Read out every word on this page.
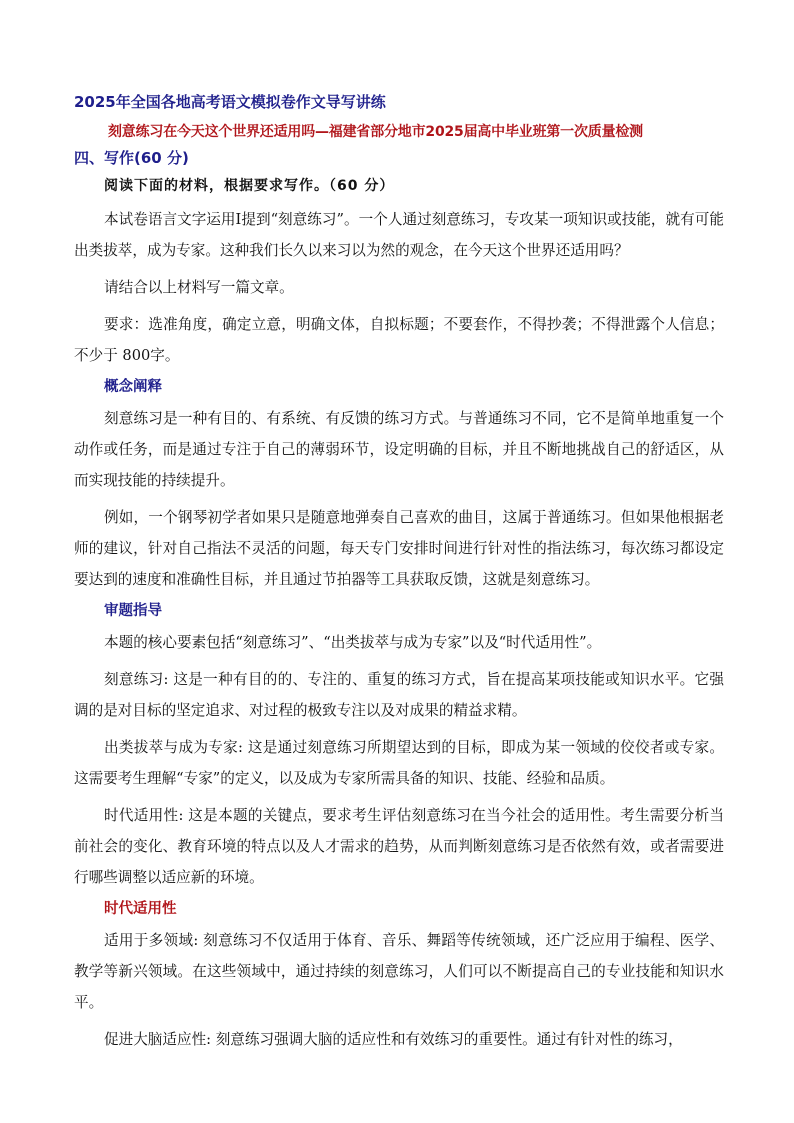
2025年全国各地高考语文模拟卷作文导写讲练
刻意练习在今天这个世界还适用吗—福建省部分地市2025届高中毕业班第一次质量检测
四、写作(60 分)
阅读下面的材料，根据要求写作。（60 分）

本试卷语言文字运用Ⅰ提到“刻意练习”。一个人通过刻意练习，专攻某一项知识或技能，就有可能出类拔萃，成为专家。这种我们长久以来习以为然的观念，在今天这个世界还适用吗？

请结合以上材料写一篇文章。

要求：选准角度，确定立意，明确文体，自拟标题；不要套作，不得抄袭；不得泄露个人信息；不少于 800字。

概念阐释

刻意练习是一种有目的、有系统、有反馈的练习方式。与普通练习不同，它不是简单地重复一个动作或任务，而是通过专注于自己的薄弱环节，设定明确的目标，并且不断地挑战自己的舒适区，从而实现技能的持续提升。

例如，一个钢琴初学者如果只是随意地弹奏自己喜欢的曲目，这属于普通练习。但如果他根据老师的建议，针对自己指法不灵活的问题，每天专门安排时间进行针对性的指法练习，每次练习都设定要达到的速度和准确性目标，并且通过节拍器等工具获取反馈，这就是刻意练习。

审题指导

本题的核心要素包括“刻意练习”、“出类拔萃与成为专家”以及“时代适用性”。

刻意练习: 这是一种有目的的、专注的、重复的练习方式，旨在提高某项技能或知识水平。它强调的是对目标的坚定追求、对过程的极致专注以及对成果的精益求精。

出类拔萃与成为专家: 这是通过刻意练习所期望达到的目标，即成为某一领域的佼佼者或专家。这需要考生理解“专家”的定义，以及成为专家所需具备的知识、技能、经验和品质。

时代适用性: 这是本题的关键点，要求考生评估刻意练习在当今社会的适用性。考生需要分析当前社会的变化、教育环境的特点以及人才需求的趋势，从而判断刻意练习是否依然有效，或者需要进行哪些调整以适应新的环境。

时代适用性

适用于多领域: 刻意练习不仅适用于体育、音乐、舞蹈等传统领域，还广泛应用于编程、医学、教学等新兴领域。在这些领域中，通过持续的刻意练习，人们可以不断提高自己的专业技能和知识水平。

促进大脑适应性: 刻意练习强调大脑的适应性和有效练习的重要性。通过有针对性的练习，
